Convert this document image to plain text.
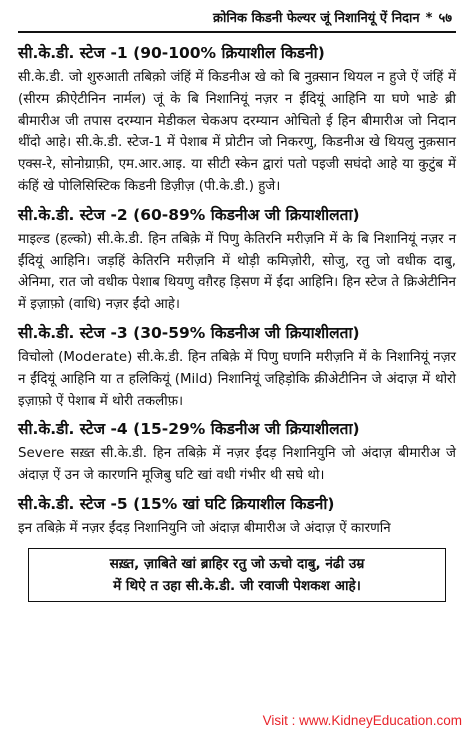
क्रोनिक किडनी फेल्यर जूं निशानियूं ऐं निदान * ५७
सी.के.डी. स्टेज -1 (90-100% क्रियाशील किडनी)

सी.के.डी. जो शुरुआती तबिक़ो जंहिं में किडनीअ खे को बि नुक़्सान थियल न हुजे ऐं जंहिं में (सीरम क्रीऐटीनिन नार्मल) जूं के बि निशानियूं नज़र न ईंदियूं आहिनि या घणे भाङे ब्री बीमारीअ जी तपास दरम्यान मेडीकल चेकअप दरम्यान ओचितो ई हिन बीमारीअ जो निदान थींदो आहे। सी.के.डी. स्टेज-1 में पेशाब में प्रोटीन जो निकरणु, किडनीअ खे थियलु नुक़सान एक्स-रे, सोनोग्राफ़ी, एम.आर.आइ. या सीटी स्केन द्वारां पतो पइजी सघंदो आहे या कुटुंब में कंहिं खे पोलिसिस्टिक किडनी डिज़ीज़ (पी.के.डी.) हुजे।

सी.के.डी. स्टेज -2 (60-89% किडनीअ जी क्रियाशीलता)

माइल्ड (हल्को) सी.के.डी. हिन तबिक़े में पिणु केतिरनि मरीज़नि में के बि निशानियूं नज़र न ईंदियूं आहिनि। जड़हिं केतिरनि मरीज़नि में थोड़ी कमिज़ोरी, सोजु, रतु जो वधीक दाबु, अेनिमा, रात जो वधीक पेशाब थियणु वग़ैरह ड़िसण में ईंदा आहिनि। हिन स्टेज ते क्रिअेटीनिन में इज़ाफ़ो (वाधि) नज़र ईंदो आहे।

सी.के.डी. स्टेज -3 (30-59% किडनीअ जी क्रियाशीलता)

विचोलो (Moderate) सी.के.डी. हिन तबिक़े में पिणु घणनि मरीज़नि में के निशानियूं नज़र न ईंदियूं आहिनि या त हलिकियूं (Mild) निशानियूं जहिड़ोकि क्रीअेटीनिन जे अंदाज़ में थोरो इज़ाफ़ो ऐं पेशाब में थोरी तकलीफ़।

सी.के.डी. स्टेज -4 (15-29% किडनीअ जी क्रियाशीलता)

Severe सख़्त सी.के.डी. हिन तबिक़े में नज़र ईंदड़ निशानियुनि जो अंदाज़ बीमारीअ जे अंदाज़ ऐं उन जे कारणनि मूजिबु घटि खां वधी गंभीर थी सघे थो।

सी.के.डी. स्टेज -5 (15% खां घटि क्रियाशील किडनी)

इन तबिक़े में नज़र ईंदड़ निशानियुनि जो अंदाज़ बीमारीअ जे अंदाज़ ऐं कारणनि

सख़्त, ज़ाबिते खां ब्राहिर रतु जो ऊचो दाबु, नंढी उम्र
में थिऐ त उहा सी.के.डी. जी रवाजी पेशकश आहे।
Visit : www.KidneyEducation.com
